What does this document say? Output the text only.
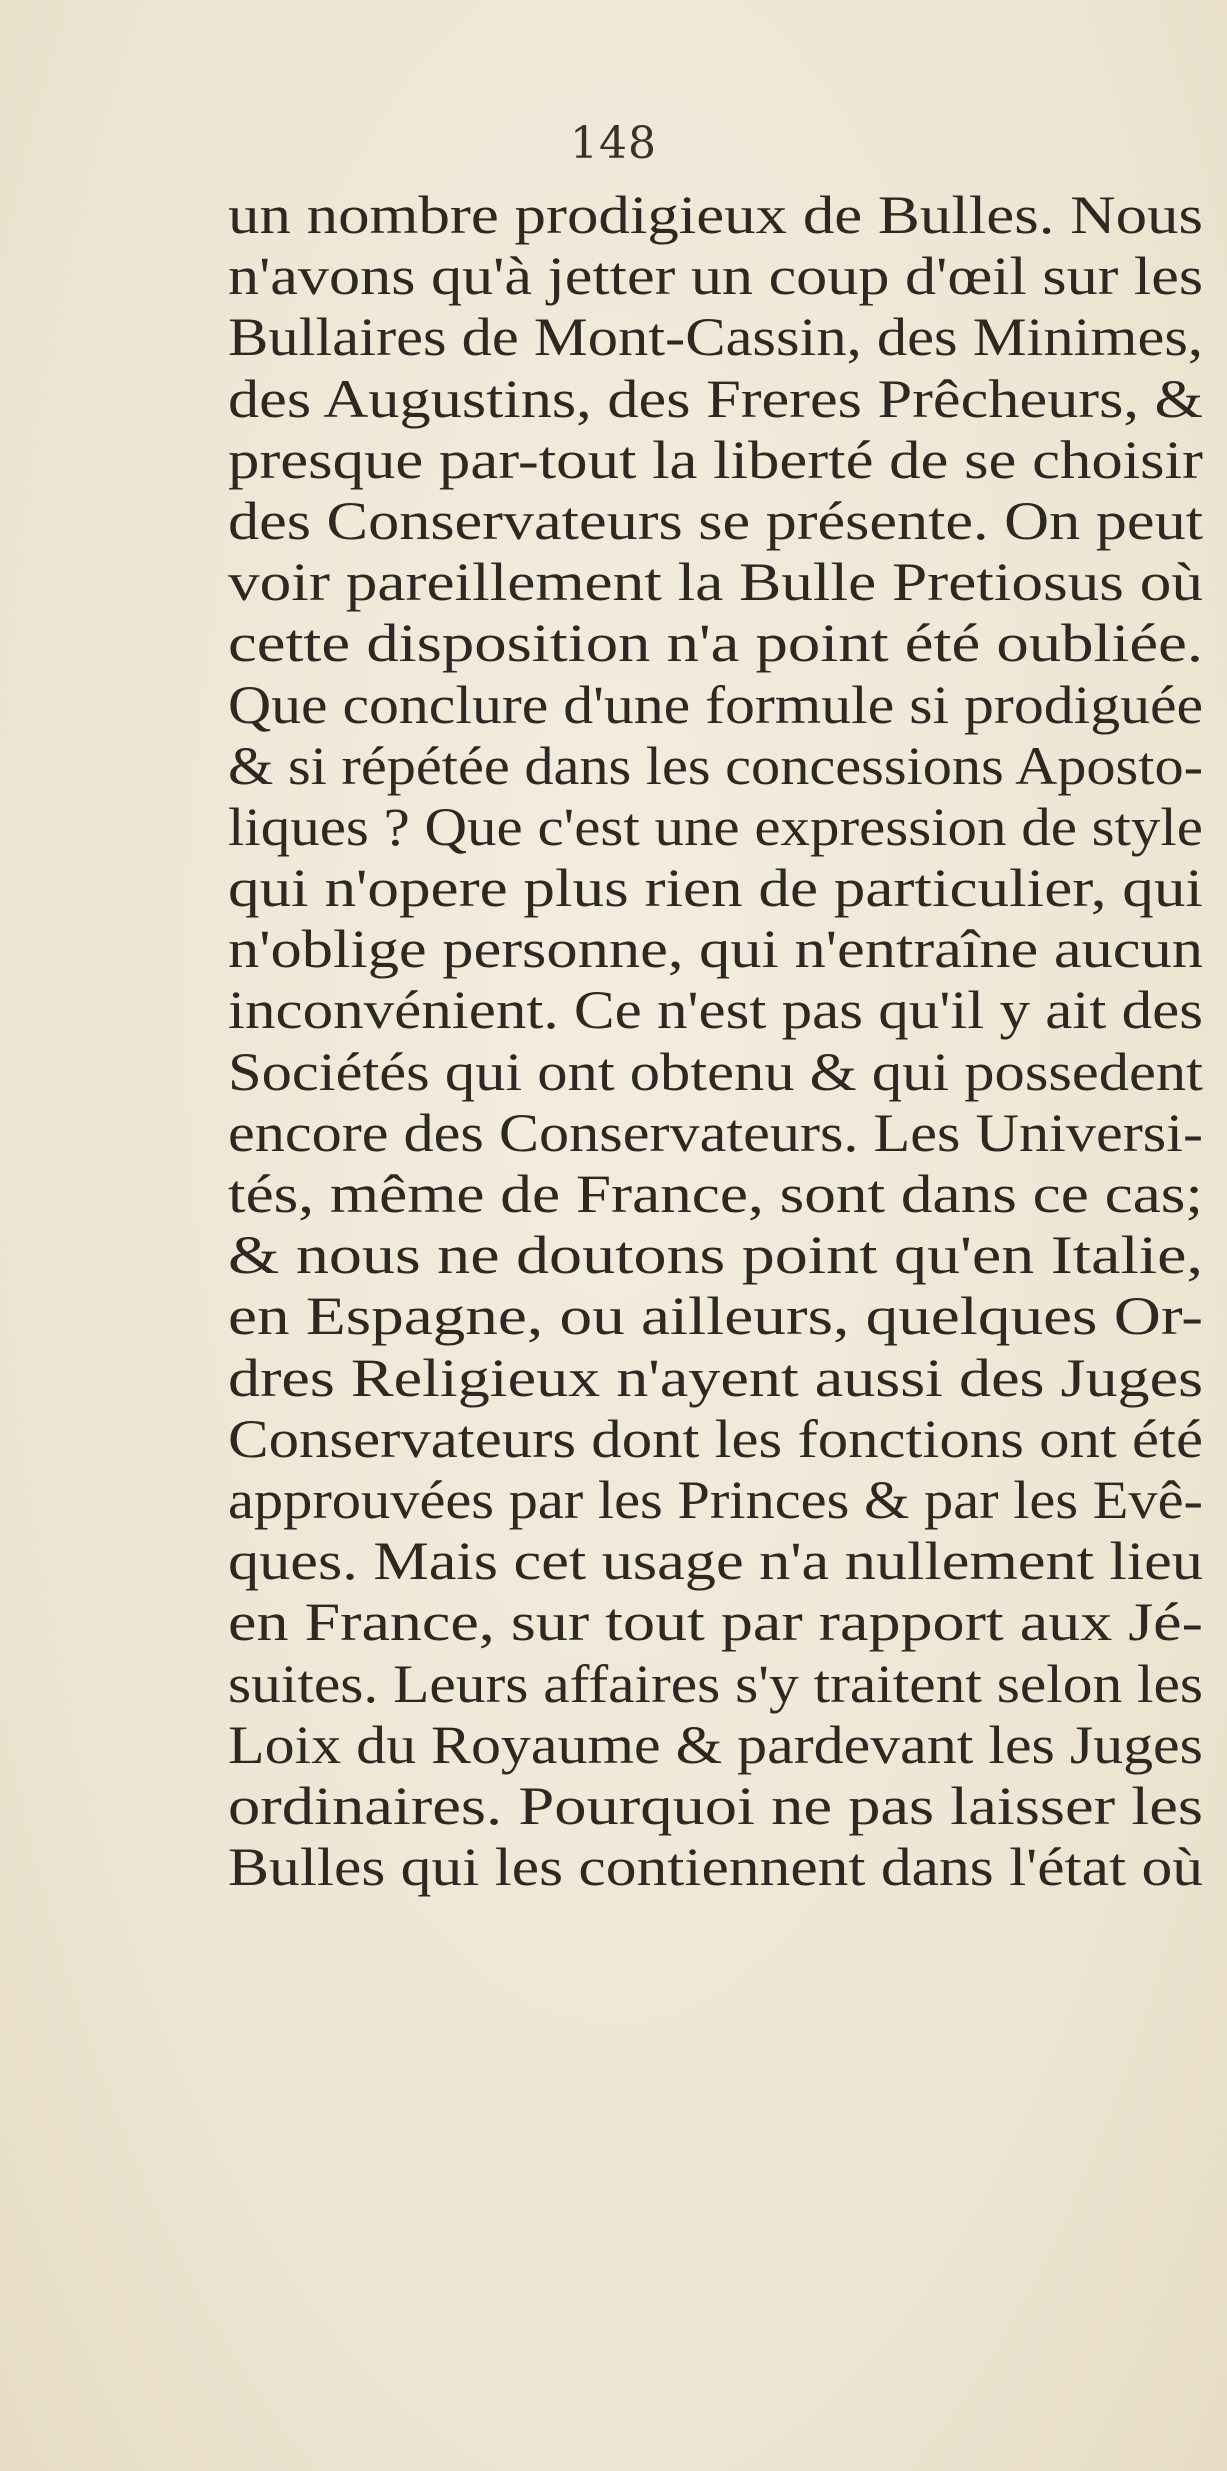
148
un nombre prodigieux de Bulles. Nous
n'avons qu'à jetter un coup d'œil sur les
Bullaires de Mont-Cassin, des Minimes,
des Augustins, des Freres Prêcheurs, &
presque par-tout la liberté de se choisir
des Conservateurs se présente. On peut
voir pareillement la Bulle Pretiosus où
cette disposition n'a point été oubliée.
Que conclure d'une formule si prodiguée
& si répétée dans les concessions Aposto-
liques ? Que c'est une expression de style
qui n'opere plus rien de particulier, qui
n'oblige personne, qui n'entraîne aucun
inconvénient. Ce n'est pas qu'il y ait des
Sociétés qui ont obtenu & qui possedent
encore des Conservateurs. Les Universi-
tés, même de France, sont dans ce cas;
& nous ne doutons point qu'en Italie,
en Espagne, ou ailleurs, quelques Or-
dres Religieux n'ayent aussi des Juges
Conservateurs dont les fonctions ont été
approuvées par les Princes & par les Evê-
ques. Mais cet usage n'a nullement lieu
en France, sur tout par rapport aux Jé-
suites. Leurs affaires s'y traitent selon les
Loix du Royaume & pardevant les Juges
ordinaires. Pourquoi ne pas laisser les
Bulles qui les contiennent dans l'état où
